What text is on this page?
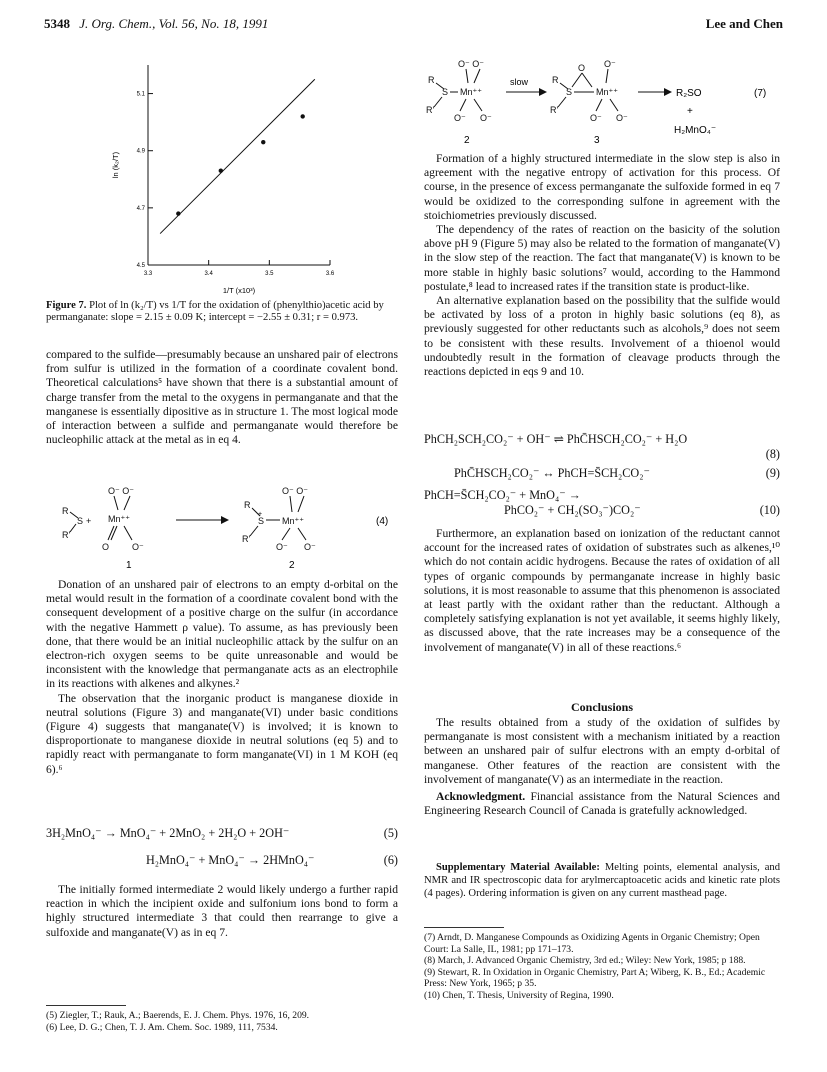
5348 J. Org. Chem., Vol. 56, No. 18, 1991	Lee and Chen
3.3	3.4	3.5	3.6
4.5
4.7
4.9
5.1
1/T (x10³)
ln (k₂/T)
Figure 7. Plot of ln (k₂/T) vs 1/T for the oxidation of (phenylthio)acetic acid by permanganate: slope = 2.15 ± 0.09 K; intercept = −2.55 ± 0.31; r = 0.973.

compared to the sulfide—presumably because an unshared pair of electrons from sulfur is utilized in the formation of a coordinate covalent bond. Theoretical calculations⁵ have shown that there is a substantial amount of charge transfer from the metal to the oxygens in permanganate and that the manganese is essentially dipositive as in structure 1. The most logical mode of interaction between a sulfide and permanganate would therefore be nucleophilic attack at the metal as in eq 4.

R
S
R'
+
O⁻ O⁻
Mn⁺⁺
O	O⁻
R
S
+
Mn⁺⁺
R'
O⁻ O⁻
O⁻ O⁻
(4)
1	2

Donation of an unshared pair of electrons to an empty d-orbital on the metal would result in the formation of a coordinate covalent bond with the consequent development of a positive charge on the sulfur (in accordance with the negative Hammett ρ value). To assume, as has previously been done, that there would be an initial nucleophilic attack by the sulfur on an electron-rich oxygen seems to be quite unreasonable and would be inconsistent with the knowledge that permanganate acts as an electrophile in its reactions with alkenes and alkynes.²

The observation that the inorganic product is manganese dioxide in neutral solutions (Figure 3) and manganate(VI) under basic conditions (Figure 4) suggests that manganate(V) is involved; it is known to disproportionate to manganese dioxide in neutral solutions (eq 5) and to rapidly react with permanganate to form manganate(VI) in 1 M KOH (eq 6).⁶

3H₂MnO₄⁻ → MnO₄⁻ + 2MnO₂ + 2H₂O + 2OH⁻	(5)
H₂MnO₄⁻ + MnO₄⁻ → 2HMnO₄⁻	(6)

The initially formed intermediate 2 would likely undergo a further rapid reaction in which the incipient oxide and sulfonium ions bond to form a highly structured intermediate 3 that could then rearrange to give a sulfoxide and manganate(V) as in eq 7.

(5) Ziegler, T.; Rauk, A.; Baerends, E. J. Chem. Phys. 1976, 16, 209.
(6) Lee, D. G.; Chen, T. J. Am. Chem. Soc. 1989, 111, 7534.
R
S Mn⁺⁺
R'
O⁻ O⁻
O⁻ O⁻
R
S
O
Mn⁺⁺
R'
O⁻
O⁻ O⁻
slow
R₂SO
+
H₂MnO₄⁻
(7)
2	3

Formation of a highly structured intermediate in the slow step is also in agreement with the negative entropy of activation for this process. Of course, in the presence of excess permanganate the sulfoxide formed in eq 7 would be oxidized to the corresponding sulfone in agreement with the stoichiometries previously discussed.

The dependency of the rates of reaction on the basicity of the solution above pH 9 (Figure 5) may also be related to the formation of manganate(V) in the slow step of the reaction. The fact that manganate(V) is known to be more stable in highly basic solutions⁷ would, according to the Hammond postulate,⁸ lead to increased rates if the transition state is product-like.

An alternative explanation based on the possibility that the sulfide would be activated by loss of a proton in highly basic solutions (eq 8), as previously suggested for other reductants such as alcohols,⁹ does not seem to be consistent with these results. Involvement of a thioenol would undoubtedly result in the formation of cleavage products through the reactions depicted in eqs 9 and 10.

PhCH₂SCH₂CO₂⁻ + OH⁻ ⇌ PhC̄HSCH₂CO₂⁻ + H₂O
(8)
PhC̄HSCH₂CO₂⁻ ↔ PhCH=S̄CH₂CO₂⁻	(9)
PhCH=S̄CH₂CO₂⁻ + MnO₄⁻ →
PhCO₂⁻ + CH₂(SO₃⁻)CO₂⁻	(10)

Furthermore, an explanation based on ionization of the reductant cannot account for the increased rates of oxidation of substrates such as alkenes,¹⁰ which do not contain acidic hydrogens. Because the rates of oxidation of all types of organic compounds by permanganate increase in highly basic solutions, it is most reasonable to assume that this phenomenon is associated at least partly with the oxidant rather than the reductant. Although a completely satisfying explanation is not yet available, it seems highly likely, as discussed above, that the rate increases may be a consequence of the involvement of manganate(V) in all of these reactions.⁶

Conclusions

The results obtained from a study of the oxidation of sulfides by permanganate is most consistent with a mechanism initiated by a reaction between an unshared pair of sulfur electrons with an empty d-orbital of manganese. Other features of the reaction are consistent with the involvement of manganate(V) as an intermediate in the reaction.

Acknowledgment. Financial assistance from the Natural Sciences and Engineering Research Council of Canada is gratefully acknowledged.

Supplementary Material Available: Melting points, elemental analysis, and NMR and IR spectroscopic data for arylmercaptoacetic acids and kinetic rate plots (4 pages). Ordering information is given on any current masthead page.
(7) Arndt, D. Manganese Compounds as Oxidizing Agents in Organic Chemistry; Open Court: La Salle, IL, 1981; pp 171–173.
(8) March, J. Advanced Organic Chemistry, 3rd ed.; Wiley: New York, 1985; p 188.
(9) Stewart, R. In Oxidation in Organic Chemistry, Part A; Wiberg, K. B., Ed.; Academic Press: New York, 1965; p 35.
(10) Chen, T. Thesis, University of Regina, 1990.
